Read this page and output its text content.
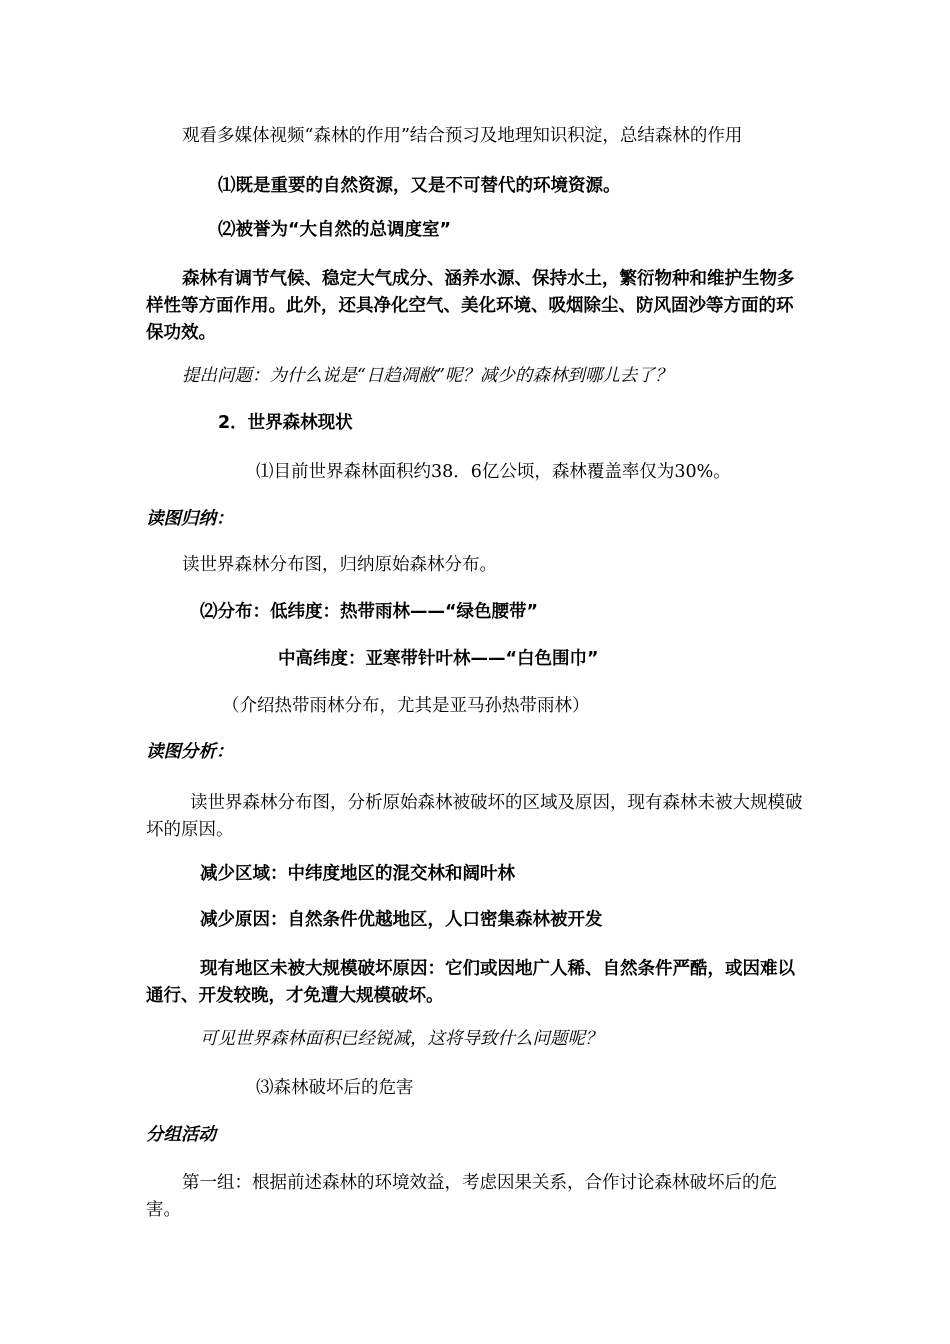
观看多媒体视频“森林的作用”结合预习及地理知识积淀，总结森林的作用
⑴既是重要的自然资源，又是不可替代的环境资源。
⑵被誉为“大自然的总调度室”
森林有调节气候、稳定大气成分、涵养水源、保持水土，繁衍物种和维护生物多样性等方面作用。此外，还具净化空气、美化环境、吸烟除尘、防风固沙等方面的环保功效。
提出问题：为什么说是“日趋凋敝”呢？减少的森林到哪儿去了？
2．世界森林现状
⑴目前世界森林面积约38．6亿公顷，森林覆盖率仅为30%。
读图归纳：
读世界森林分布图，归纳原始森林分布。
⑵分布：低纬度：热带雨林——“绿色腰带”
中高纬度：亚寒带针叶林——“白色围巾”
（介绍热带雨林分布，尤其是亚马孙热带雨林）
读图分析：
读世界森林分布图，分析原始森林被破坏的区域及原因，现有森林未被大规模破坏的原因。
减少区域：中纬度地区的混交林和阔叶林
减少原因：自然条件优越地区，人口密集森林被开发
现有地区未被大规模破坏原因：它们或因地广人稀、自然条件严酷，或因难以通行、开发较晚，才免遭大规模破坏。
可见世界森林面积已经锐减，这将导致什么问题呢？
⑶森林破坏后的危害
分组活动
第一组：根据前述森林的环境效益，考虑因果关系，合作讨论森林破坏后的危害。
